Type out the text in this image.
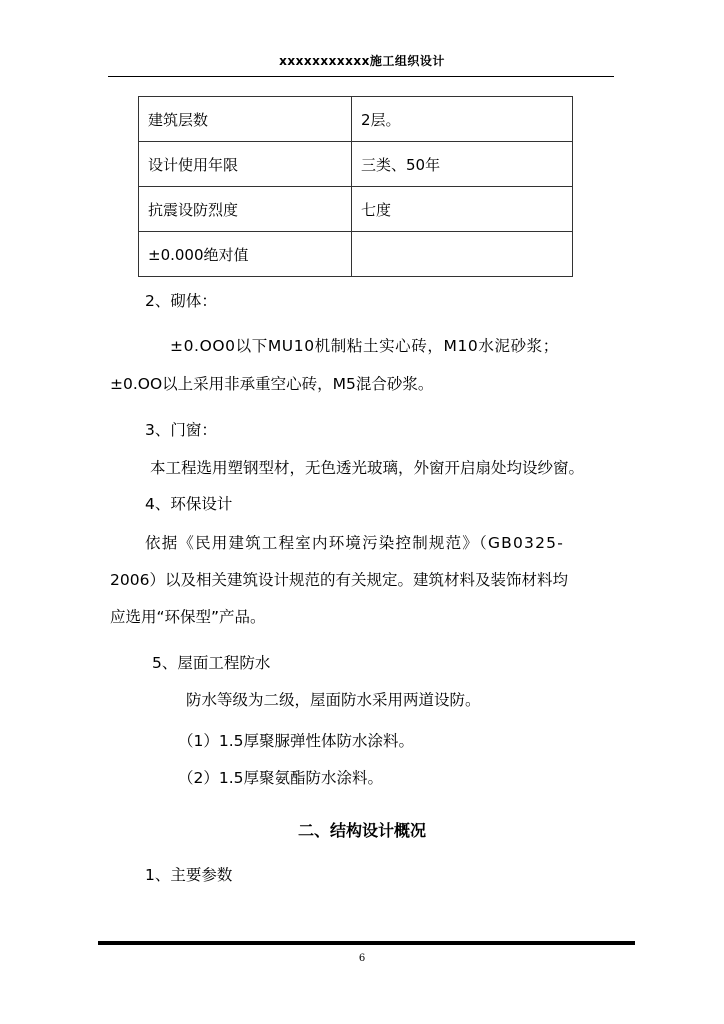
xxxxxxxxxxx施工组织设计
建筑层数	2层。
设计使用年限	三类、50年
抗震设防烈度	七度
±0.000绝对值	
2、砌体：
±0.OO0以下MU10机制粘土实心砖，M10水泥砂浆；
±0.OO以上采用非承重空心砖，M5混合砂浆。
3、门窗：
本工程选用塑钢型材，无色透光玻璃，外窗开启扇处均设纱窗。
4、环保设计
依据《民用建筑工程室内环境污染控制规范》（GB0325-
2006）以及相关建筑设计规范的有关规定。建筑材料及装饰材料均
应选用“环保型”产品。
5、屋面工程防水
防水等级为二级，屋面防水采用两道设防。
（1）1.5厚聚脲弹性体防水涂料。
（2）1.5厚聚氨酯防水涂料。
二、结构设计概况
1、主要参数
6
